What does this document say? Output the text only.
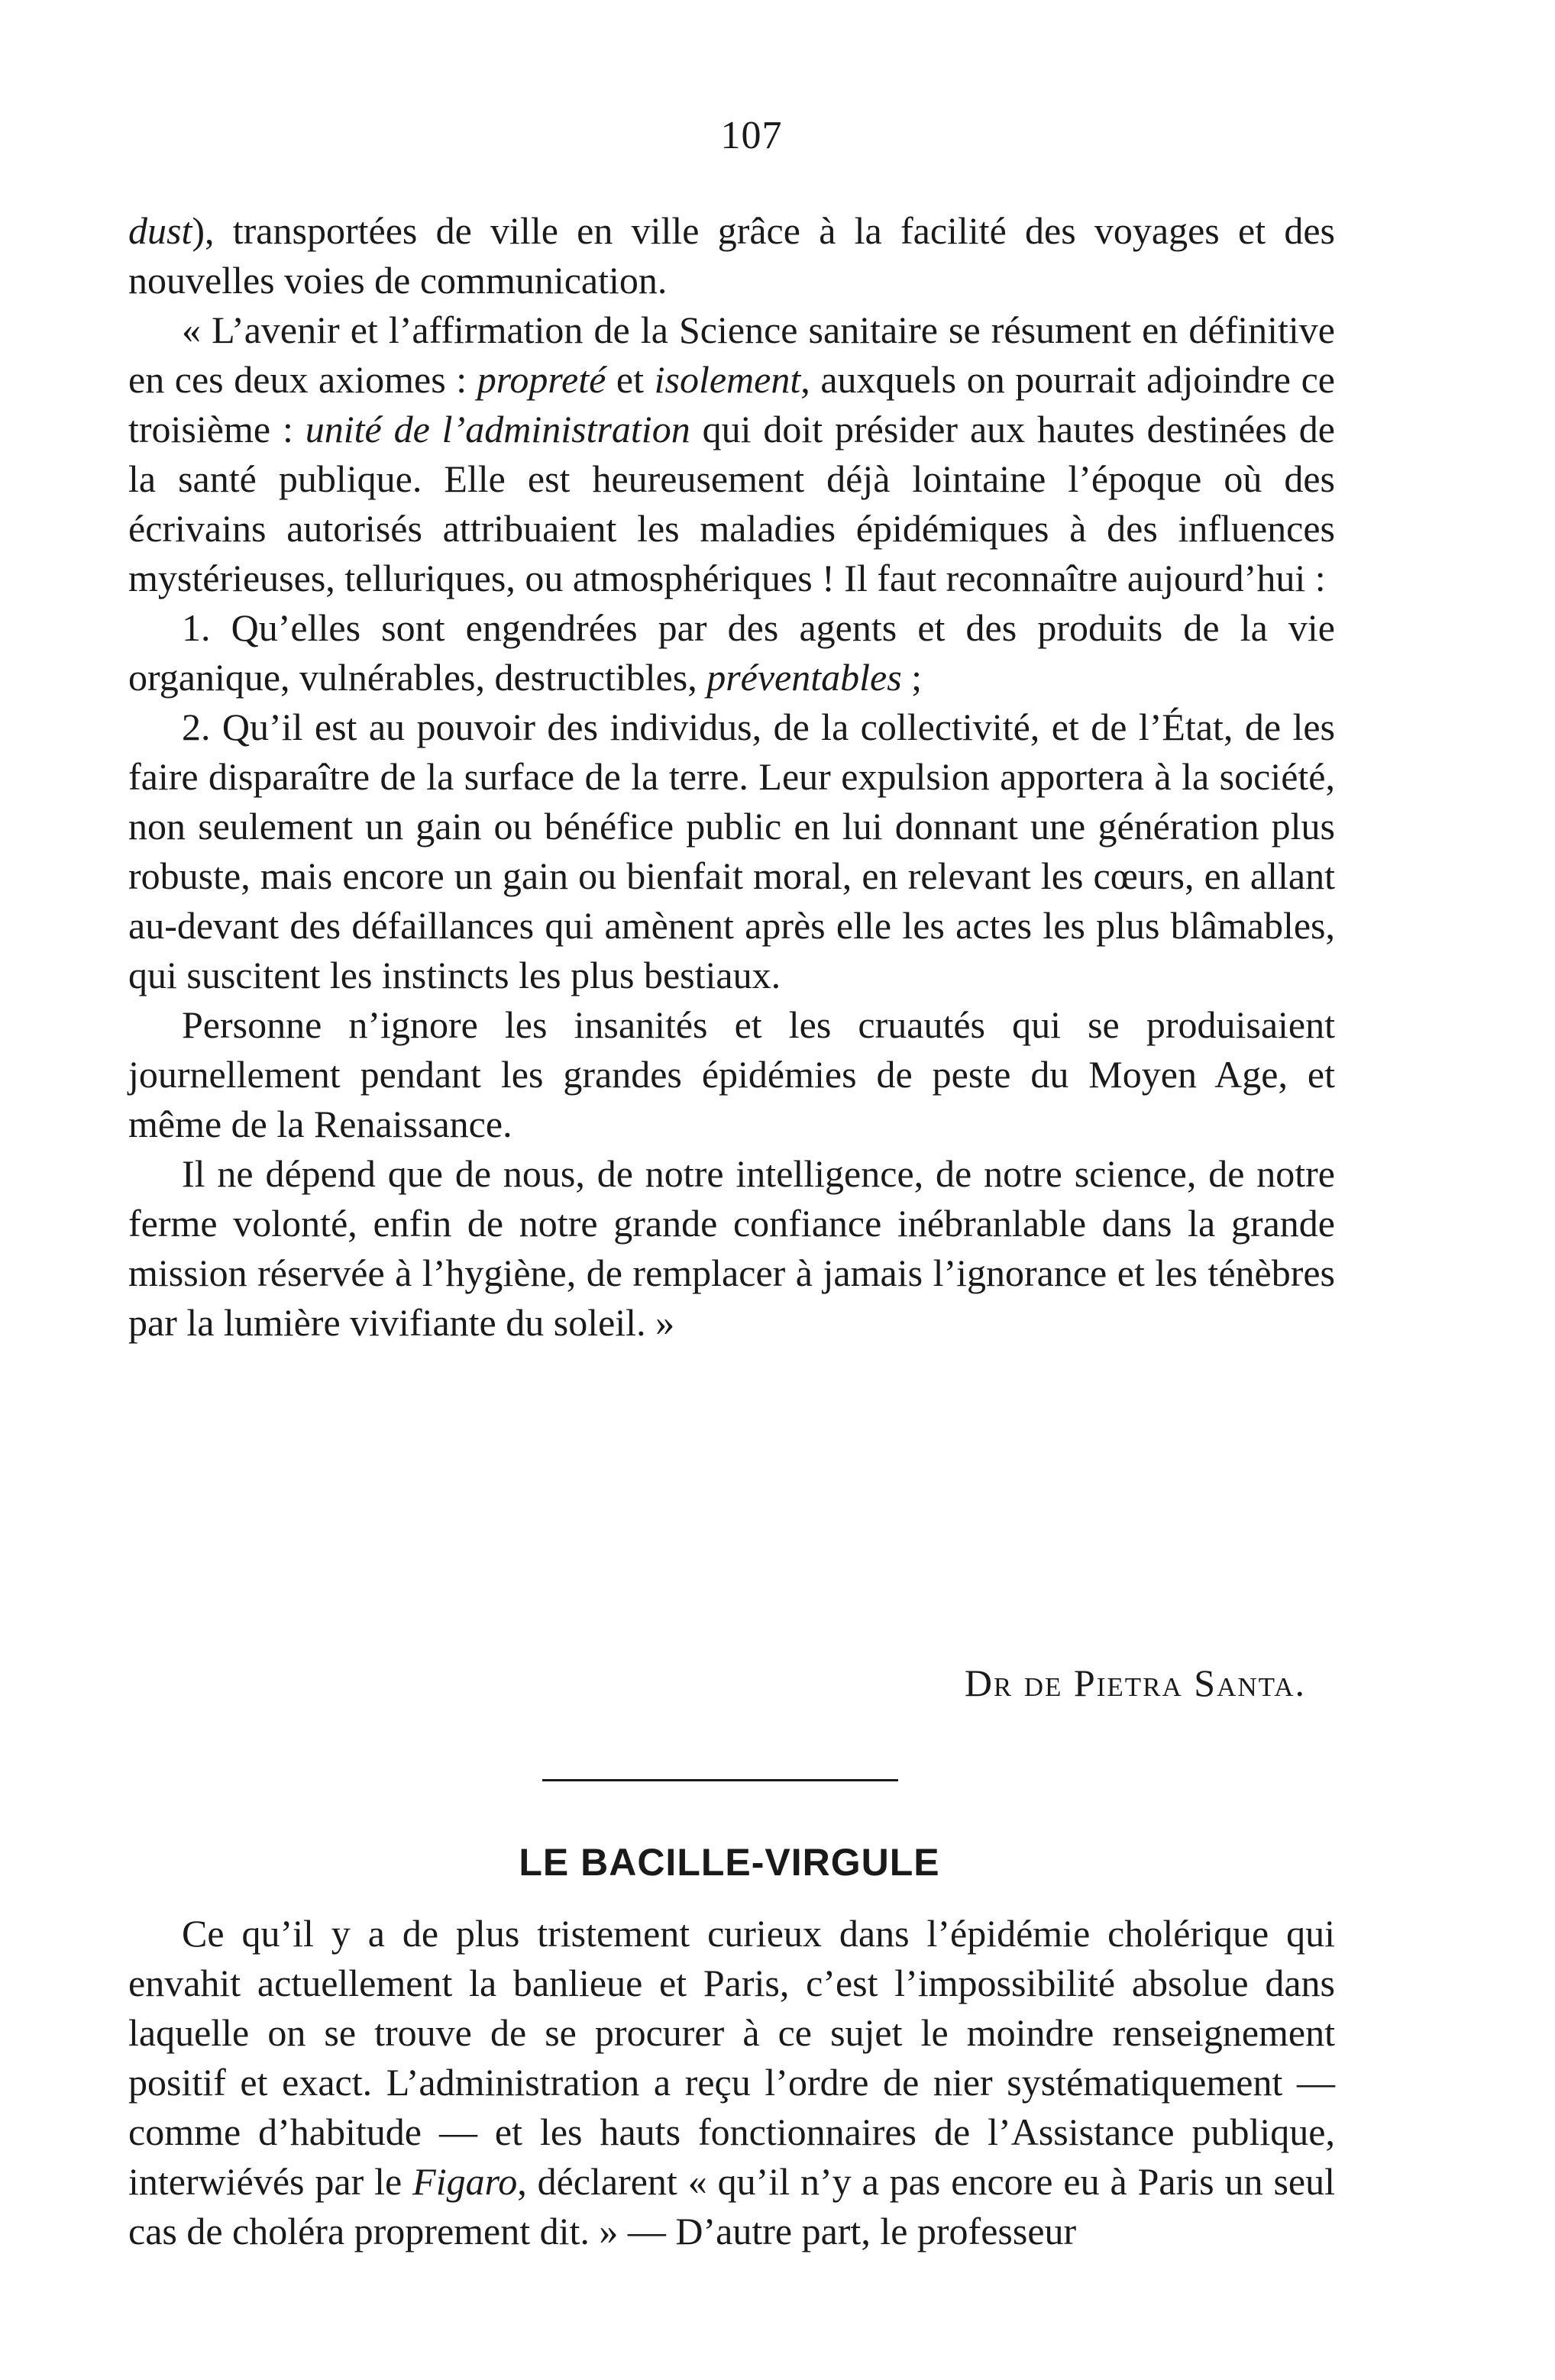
107

dust), transportées de ville en ville grâce à la facilité des voyages et des nouvelles voies de communication.

« L’avenir et l’affirmation de la Science sanitaire se résument en définitive en ces deux axiomes : propreté et isolement, auxquels on pourrait adjoindre ce troisième : unité de l’administration qui doit présider aux hautes destinées de la santé publique. Elle est heureusement déjà lointaine l’époque où des écrivains autorisés attribuaient les maladies épidémiques à des influences mystérieuses, telluriques, ou atmosphériques ! Il faut reconnaître aujourd’hui :

1. Qu’elles sont engendrées par des agents et des produits de la vie organique, vulnérables, destructibles, préventables ;

2. Qu’il est au pouvoir des individus, de la collectivité, et de l’État, de les faire disparaître de la surface de la terre. Leur expulsion apportera à la société, non seulement un gain ou bénéfice public en lui donnant une génération plus robuste, mais encore un gain ou bienfait moral, en relevant les cœurs, en allant au-devant des défaillances qui amènent après elle les actes les plus blâmables, qui suscitent les instincts les plus bestiaux.

Personne n’ignore les insanités et les cruautés qui se produisaient journellement pendant les grandes épidémies de peste du Moyen Age, et même de la Renaissance.

Il ne dépend que de nous, de notre intelligence, de notre science, de notre ferme volonté, enfin de notre grande confiance inébranlable dans la grande mission réservée à l’hygiène, de remplacer à jamais l’ignorance et les ténèbres par la lumière vivifiante du soleil. »

Dr de Pietra Santa.
LE BACILLE-VIRGULE

Ce qu’il y a de plus tristement curieux dans l’épidémie cholérique qui envahit actuellement la banlieue et Paris, c’est l’impossibilité absolue dans laquelle on se trouve de se procurer à ce sujet le moindre renseignement positif et exact. L’administration a reçu l’ordre de nier systématiquement — comme d’habitude — et les hauts fonctionnaires de l’Assistance publique, interwiévés par le Figaro, déclarent « qu’il n’y a pas encore eu à Paris un seul cas de choléra proprement dit. » — D’autre part, le professeur
